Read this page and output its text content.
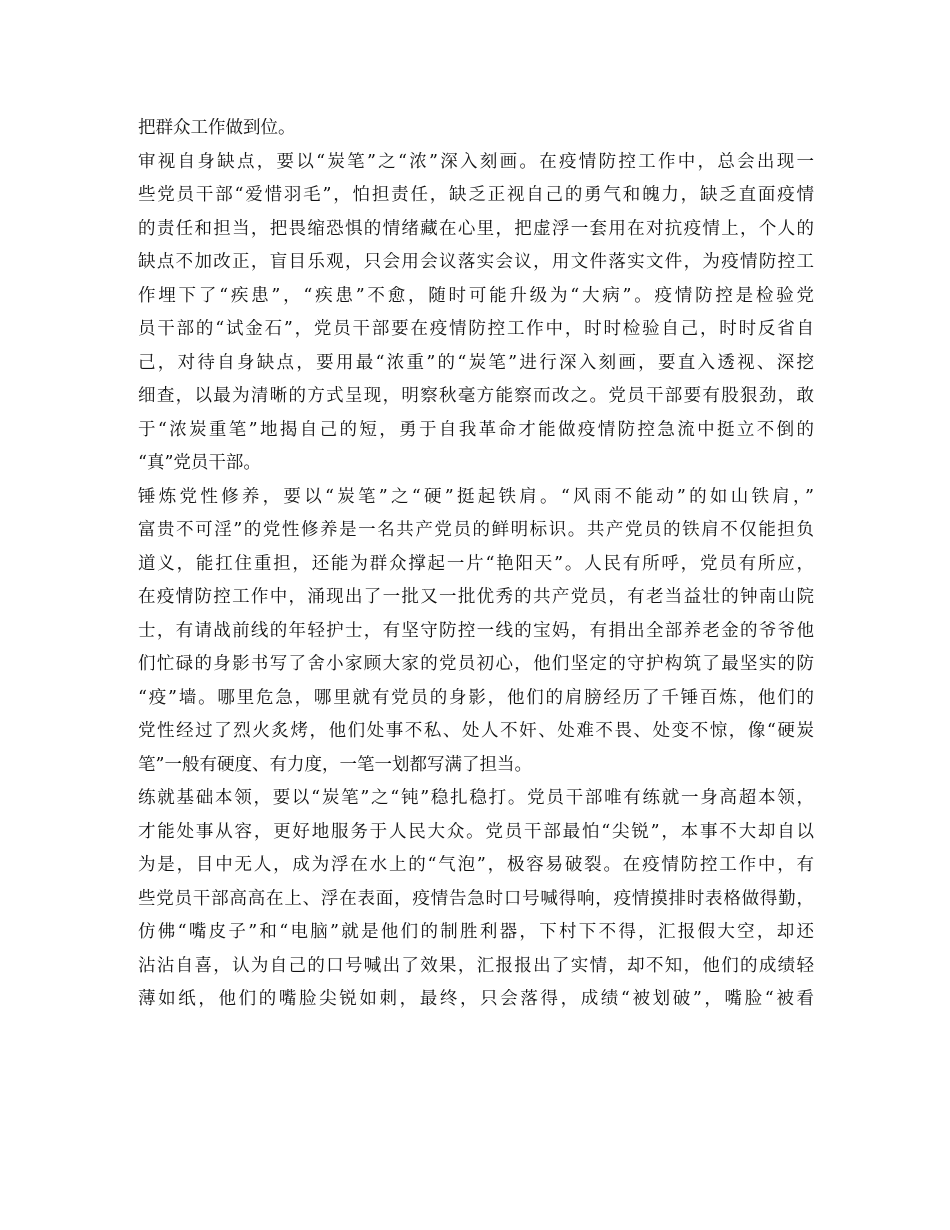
把群众工作做到位。
审视自身缺点，要以“炭笔”之“浓”深入刻画。在疫情防控工作中，总会出现一
些党员干部“爱惜羽毛”，怕担责任，缺乏正视自己的勇气和魄力，缺乏直面疫情
的责任和担当，把畏缩恐惧的情绪藏在心里，把虚浮一套用在对抗疫情上，个人的
缺点不加改正，盲目乐观，只会用会议落实会议，用文件落实文件，为疫情防控工
作埋下了“疾患”，“疾患”不愈，随时可能升级为“大病”。疫情防控是检验党
员干部的“试金石”，党员干部要在疫情防控工作中，时时检验自己，时时反省自
己，对待自身缺点，要用最“浓重”的“炭笔”进行深入刻画，要直入透视、深挖
细查，以最为清晰的方式呈现，明察秋毫方能察而改之。党员干部要有股狠劲，敢
于“浓炭重笔”地揭自己的短，勇于自我革命才能做疫情防控急流中挺立不倒的
“真”党员干部。
锤炼党性修养，要以“炭笔”之“硬”挺起铁肩。“风雨不能动”的如山铁肩，”
富贵不可淫”的党性修养是一名共产党员的鲜明标识。共产党员的铁肩不仅能担负
道义，能扛住重担，还能为群众撑起一片“艳阳天”。人民有所呼，党员有所应，
在疫情防控工作中，涌现出了一批又一批优秀的共产党员，有老当益壮的钟南山院
士，有请战前线的年轻护士，有坚守防控一线的宝妈，有捐出全部养老金的爷爷他
们忙碌的身影书写了舍小家顾大家的党员初心，他们坚定的守护构筑了最坚实的防
“疫”墙。哪里危急，哪里就有党员的身影，他们的肩膀经历了千锤百炼，他们的
党性经过了烈火炙烤，他们处事不私、处人不奸、处难不畏、处变不惊，像“硬炭
笔”一般有硬度、有力度，一笔一划都写满了担当。
练就基础本领，要以“炭笔”之“钝”稳扎稳打。党员干部唯有练就一身高超本领，
才能处事从容，更好地服务于人民大众。党员干部最怕“尖锐”，本事不大却自以
为是，目中无人，成为浮在水上的“气泡”，极容易破裂。在疫情防控工作中，有
些党员干部高高在上、浮在表面，疫情告急时口号喊得响，疫情摸排时表格做得勤，
仿佛“嘴皮子”和“电脑”就是他们的制胜利器，下村下不得，汇报假大空，却还
沾沾自喜，认为自己的口号喊出了效果，汇报报出了实情，却不知，他们的成绩轻
薄如纸，他们的嘴脸尖锐如刺，最终，只会落得，成绩“被划破”，嘴脸“被看
